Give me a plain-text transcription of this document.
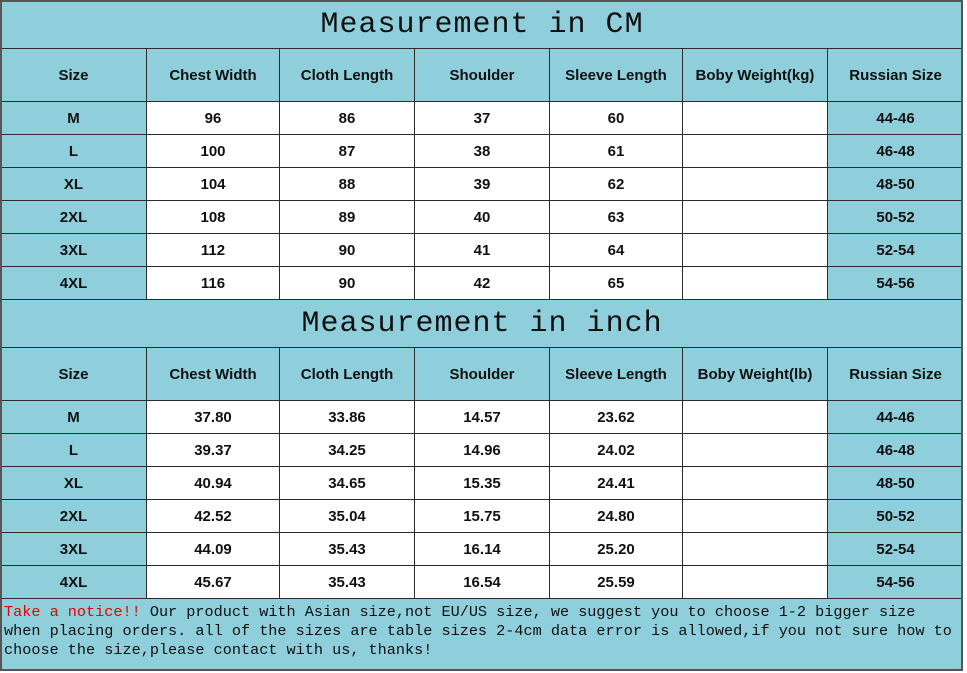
Measurement in CM						
Size	Chest Width	Cloth Length	Shoulder	Sleeve Length	Boby Weight(kg)	Russian Size
M	96	86	37	60		44-46
L	100	87	38	61		46-48
XL	104	88	39	62		48-50
2XL	108	89	40	63		50-52
3XL	112	90	41	64		52-54
4XL	116	90	42	65		54-56
Measurement in inch						
Size	Chest Width	Cloth Length	Shoulder	Sleeve Length	Boby Weight(lb)	Russian Size
M	37.80	33.86	14.57	23.62		44-46
L	39.37	34.25	14.96	24.02		46-48
XL	40.94	34.65	15.35	24.41		48-50
2XL	42.52	35.04	15.75	24.80		50-52
3XL	44.09	35.43	16.14	25.20		52-54
4XL	45.67	35.43	16.54	25.59		54-56
Take a notice!! Our product with Asian size,not EU/US size, we suggest you to choose 1-2 bigger size when placing orders. all of the sizes are table sizes 2-4cm data error is allowed,if you not sure how to choose the size,please contact with us, thanks!
